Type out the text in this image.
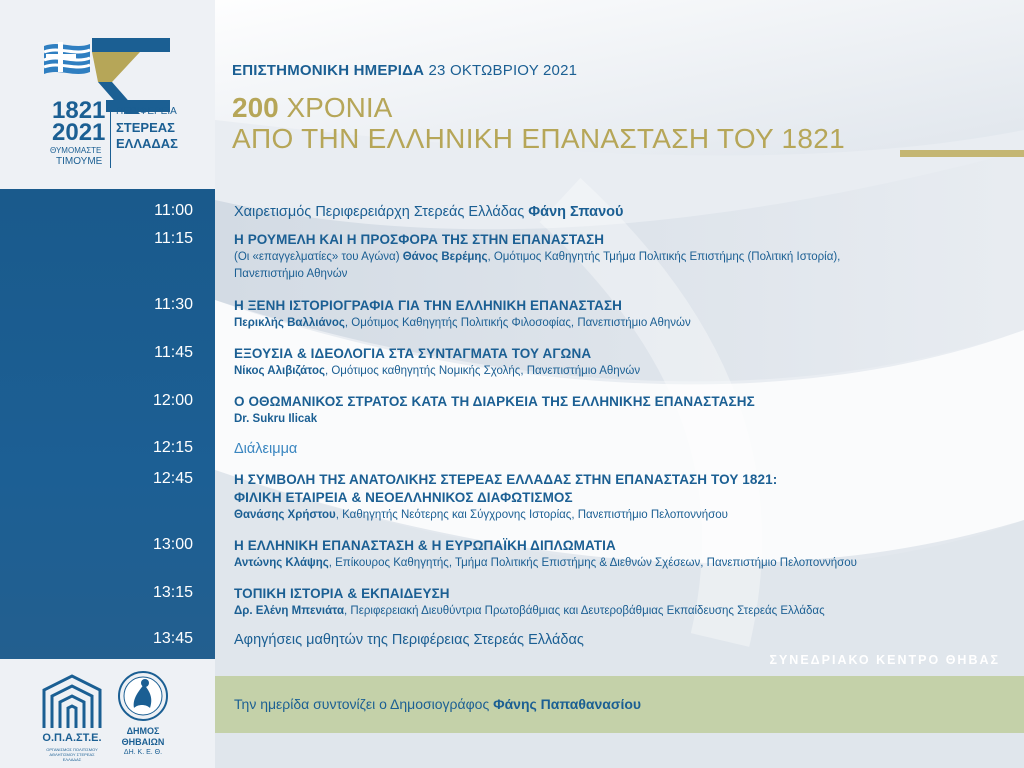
1821
2021
ΘΥΜΟΜΑΣΤΕ
ΤΙΜΟΥΜΕ
ΠΕΡΙΦΕΡΕΙΑ
ΣΤΕΡΕΑΣ
ΕΛΛΑΔΑΣ
ΕΠΙΣΤΗΜΟΝΙΚΗ ΗΜΕΡΙΔΑ 23 ΟΚΤΩΒΡΙΟΥ 2021
200 ΧΡΟΝΙΑ
ΑΠΟ ΤΗΝ ΕΛΛΗΝΙΚΗ ΕΠΑΝΑΣΤΑΣΗ ΤΟΥ 1821
11:00	Χαιρετισμός Περιφερειάρχη Στερεάς Ελλάδας Φάνη Σπανού
11:15	Η ΡΟΥΜΕΛΗ ΚΑΙ Η ΠΡΟΣΦΟΡΑ ΤΗΣ ΣΤΗΝ ΕΠΑΝΑΣΤΑΣΗ
(Οι «επαγγελματίες» του Αγώνα) Θάνος Βερέμης, Ομότιμος Καθηγητής Τμήμα Πολιτικής Επιστήμης (Πολιτική Ιστορία),
Πανεπιστήμιο Αθηνών
11:30	Η ΞΕΝΗ ΙΣΤΟΡΙΟΓΡΑΦΙΑ ΓΙΑ ΤΗΝ ΕΛΛΗΝΙΚΗ ΕΠΑΝΑΣΤΑΣΗ
Περικλής Βαλλιάνος, Ομότιμος Καθηγητής Πολιτικής Φιλοσοφίας, Πανεπιστήμιο Αθηνών
11:45	ΕΞΟΥΣΙΑ & ΙΔΕΟΛΟΓΙΑ ΣΤΑ ΣΥΝΤΑΓΜΑΤΑ ΤΟΥ ΑΓΩΝΑ
Νίκος Αλιβιζάτος, Ομότιμος καθηγητής Νομικής Σχολής, Πανεπιστήμιο Αθηνών
12:00	Ο ΟΘΩΜΑΝΙΚΟΣ ΣΤΡΑΤΟΣ ΚΑΤΑ ΤΗ ΔΙΑΡΚΕΙΑ ΤΗΣ ΕΛΛΗΝΙΚΗΣ ΕΠΑΝΑΣΤΑΣΗΣ
Dr. Sukru Ilicak
12:15	Διάλειμμα
12:45	Η ΣΥΜΒΟΛΗ ΤΗΣ ΑΝΑΤΟΛΙΚΗΣ ΣΤΕΡΕΑΣ ΕΛΛΑΔΑΣ ΣΤΗΝ ΕΠΑΝΑΣΤΑΣΗ ΤΟΥ 1821:
ΦΙΛΙΚΗ ΕΤΑΙΡΕΙΑ & ΝΕΟΕΛΛΗΝΙΚΟΣ ΔΙΑΦΩΤΙΣΜΟΣ
Θανάσης Χρήστου, Καθηγητής Νεότερης και Σύγχρονης Ιστορίας, Πανεπιστήμιο Πελοποννήσου
13:00	Η ΕΛΛΗΝΙΚΗ ΕΠΑΝΑΣΤΑΣΗ & Η ΕΥΡΩΠΑΪΚΗ ΔΙΠΛΩΜΑΤΙΑ
Αντώνης Κλάψης, Επίκουρος Καθηγητής, Τμήμα Πολιτικής Επιστήμης & Διεθνών Σχέσεων, Πανεπιστήμιο Πελοποννήσου
13:15	ΤΟΠΙΚΗ ΙΣΤΟΡΙΑ & ΕΚΠΑΙΔΕΥΣΗ
Δρ. Ελένη Μπενιάτα, Περιφερειακή Διευθύντρια Πρωτοβάθμιας και Δευτεροβάθμιας Εκπαίδευσης Στερεάς Ελλάδας
13:45	Αφηγήσεις μαθητών της Περιφέρειας Στερεάς Ελλάδας
ΣΥΝΕΔΡΙΑΚΟ ΚΕΝΤΡΟ ΘΗΒΑΣ
Την ημερίδα συντονίζει ο Δημοσιογράφος Φάνης Παπαθανασίου
Ο.Π.Α.ΣΤ.Ε.
ΟΡΓΑΝΙΣΜΟΣ ΠΟΛΙΤΙΣΜΟΥ ΑΘΛΗΤΙΣΜΟΥ ΣΤΕΡΕΑΣ ΕΛΛΑΔΑΣ
ΔΗΜΟΣ
ΘΗΒΑΙΩΝ
ΔΗ. Κ. Ε. Θ.
